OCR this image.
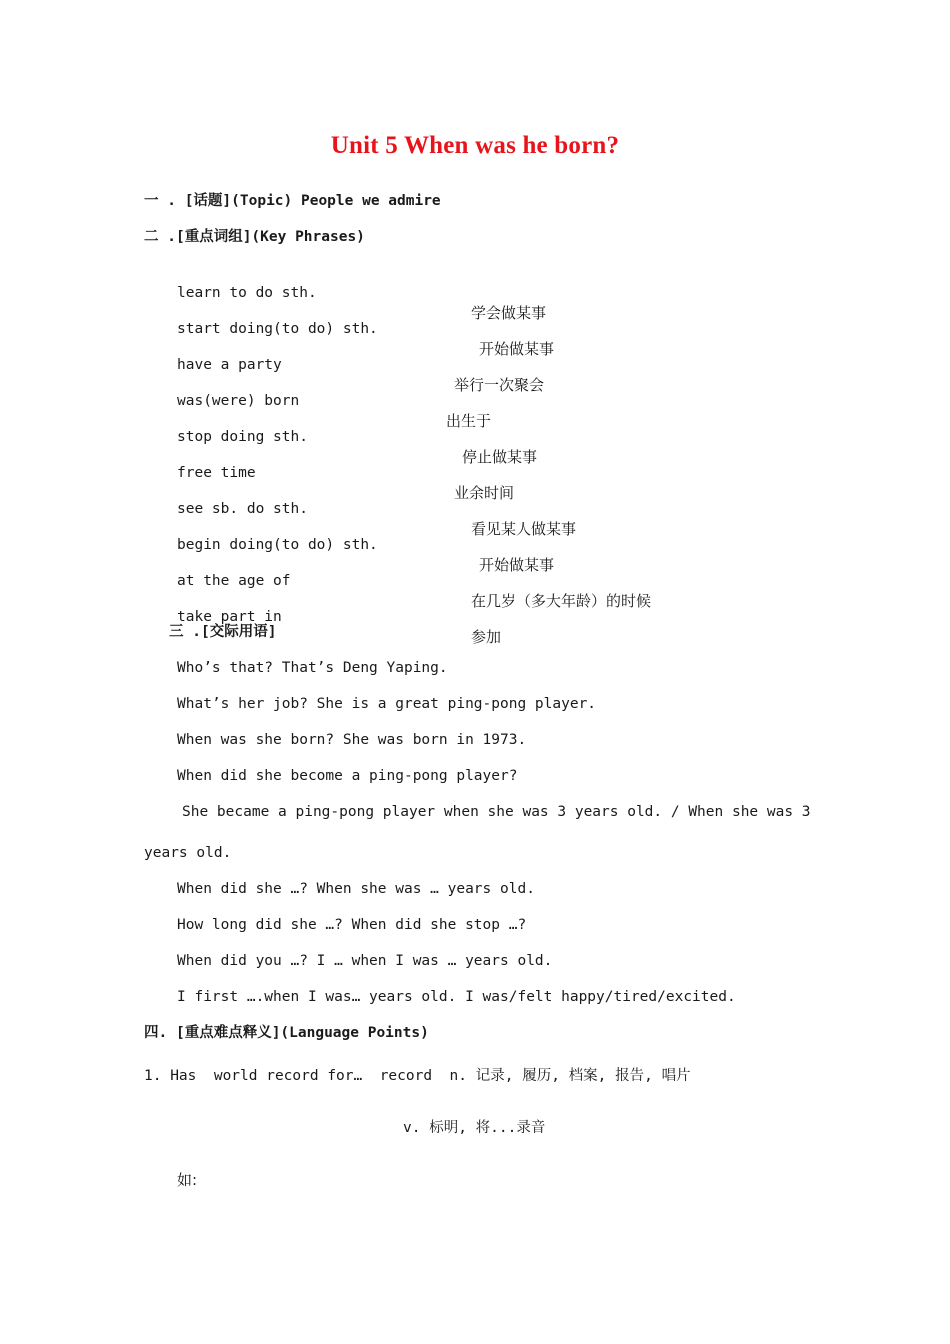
Unit 5 When was he born?
一 . [话题](Topic) People we admire
二 .[重点词组](Key Phrases)

learn to do sth.

学会做某事

start doing(to do) sth.

开始做某事

have a party

举行一次聚会

was(were) born

出生于

stop doing sth.

停止做某事

free time

业余时间

see sb. do sth.

看见某人做某事

begin doing(to do) sth.

开始做某事

at the age of

在几岁（多大年龄）的时候

take part in

参加

三 .[交际用语]
Who’s that? That’s Deng Yaping.
What’s her job? She is a great ping-pong player.
When was she born? She was born in 1973.
When did she become a ping-pong player?
She became a ping-pong player when she was 3 years old. / When she was 3
years old.
When did she …? When she was … years old.
How long did she …? When did she stop …?
When did you …? I … when I was … years old.
I first ….when I was… years old. I was/felt happy/tired/excited.
四. [重点难点释义](Language Points)
1. Has  world record for…  record  n. 记录, 履历, 档案, 报告, 唱片
v. 标明, 将...录音
如:
